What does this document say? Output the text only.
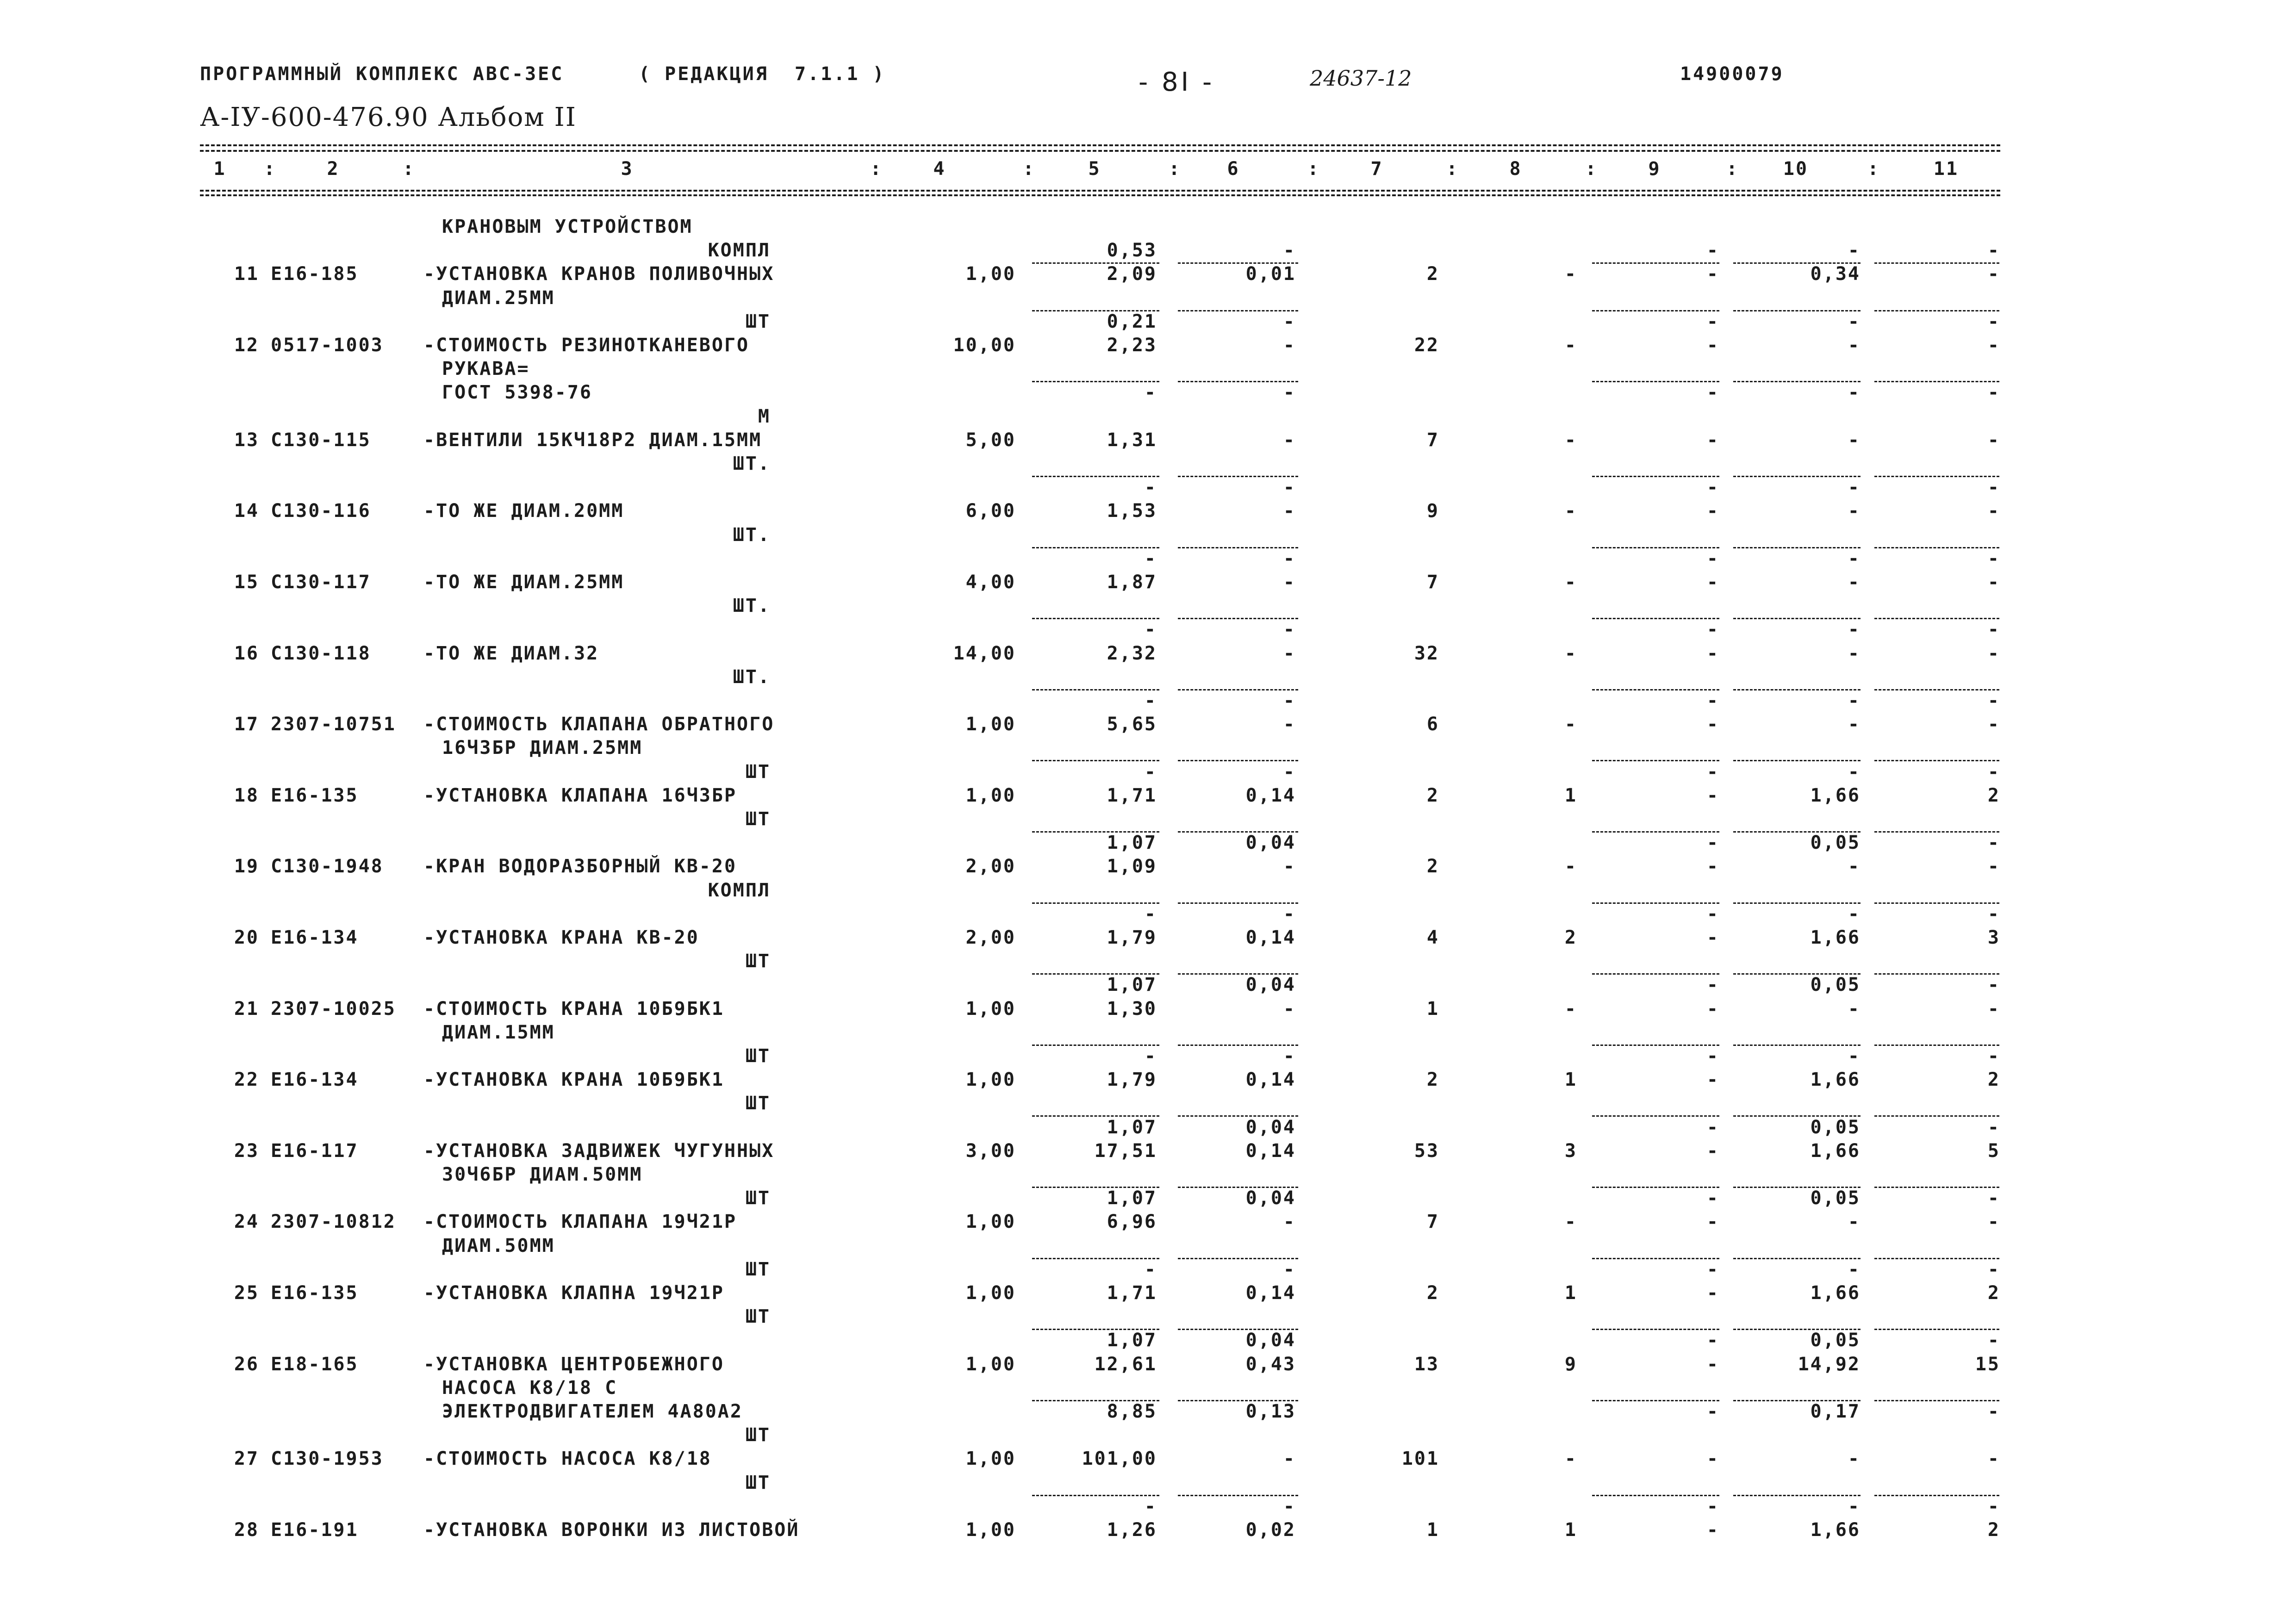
ПРОГРАММНЫЙ КОМПЛЕКС АВС-3ЕС	( РЕДАКЦИЯ  7.1.1 )	- 8I -	24637-12	14900079
А-IУ-600-476.90 Альбом II
1	2	3	4	5	6	7	8	9	10	11
:	:	:	:	:	:	:	:	:	:
КРАНОВЫМ УСТРОЙСТВОМ
КОМПЛ	0,53	-	-	-	-
11 Е16-185	-УСТАНОВКА КРАНОВ ПОЛИВОЧНЫХ	1,00	2,09	0,01	2	-	-	0,34	-
ДИАМ.25ММ
ШТ	0,21	-	-	-	-
12 0517-1003 -СТОИМОСТЬ РЕЗИНОТКАНЕВОГО	10,00	2,23	-	22	-	-	-	-
РУКАВА=
ГОСТ 5398-76	-	-	-	-	-
М
13 С130-115	-ВЕНТИЛИ 15КЧ18Р2 ДИАМ.15ММ	5,00	1,31	-	7	-	-	-	-
ШТ.
-	-	-	-	-
14 С130-116	-ТО ЖЕ ДИАМ.20ММ	6,00	1,53	-	9	-	-	-	-
ШТ.
-	-	-	-	-
15 С130-117	-ТО ЖЕ ДИАМ.25ММ	4,00	1,87	-	7	-	-	-	-
ШТ.
-	-	-	-	-
16 С130-118	-ТО ЖЕ ДИАМ.32	14,00	2,32	-	32	-	-	-	-
ШТ.
-	-	-	-	-
17 2307-10751 -СТОИМОСТЬ КЛАПАНА ОБРАТНОГО	1,00	5,65	-	6	-	-	-	-
16Ч3БР ДИАМ.25ММ
ШТ	-	-	-	-	-
18 Е16-135	-УСТАНОВКА КЛАПАНА 16Ч3БР	1,00	1,71	0,14	2	1	-	1,66	2
ШТ
1,07	0,04	-	0,05	-
19 С130-1948 -КРАН ВОДОРАЗБОРНЫЙ КВ-20	2,00	1,09	-	2	-	-	-	-
КОМПЛ
-	-	-	-	-
20 Е16-134	-УСТАНОВКА КРАНА КВ-20	2,00	1,79	0,14	4	2	-	1,66	3
ШТ
1,07	0,04	-	0,05	-
21 2307-10025 -СТОИМОСТЬ КРАНА 10Б9БК1	1,00	1,30	-	1	-	-	-	-
ДИАМ.15ММ
ШТ	-	-	-	-	-
22 Е16-134	-УСТАНОВКА КРАНА 10Б9БК1	1,00	1,79	0,14	2	1	-	1,66	2
ШТ
1,07	0,04	-	0,05	-
23 Е16-117	-УСТАНОВКА ЗАДВИЖЕК ЧУГУННЫХ	3,00	17,51	0,14	53	3	-	1,66	5
30Ч6БР ДИАМ.50ММ
ШТ	1,07	0,04	-	0,05	-
24 2307-10812 -СТОИМОСТЬ КЛАПАНА 19Ч21Р	1,00	6,96	-	7	-	-	-	-
ДИАМ.50ММ
ШТ	-	-	-	-	-
25 Е16-135	-УСТАНОВКА КЛАПНА 19Ч21Р	1,00	1,71	0,14	2	1	-	1,66	2
ШТ
1,07	0,04	-	0,05	-
26 Е18-165	-УСТАНОВКА ЦЕНТРОБЕЖНОГО	1,00	12,61	0,43	13	9	-	14,92	15
НАСОСА К8/18 С
ЭЛЕКТРОДВИГАТЕЛЕМ 4А80А2	8,85	0,13	-	0,17	-
ШТ
27 С130-1953 -СТОИМОСТЬ НАСОСА К8/18	1,00	101,00	-	101	-	-	-	-
ШТ
-	-	-	-	-
28 Е16-191	-УСТАНОВКА ВОРОНКИ ИЗ ЛИСТОВОЙ	1,00	1,26	0,02	1	1	-	1,66	2
